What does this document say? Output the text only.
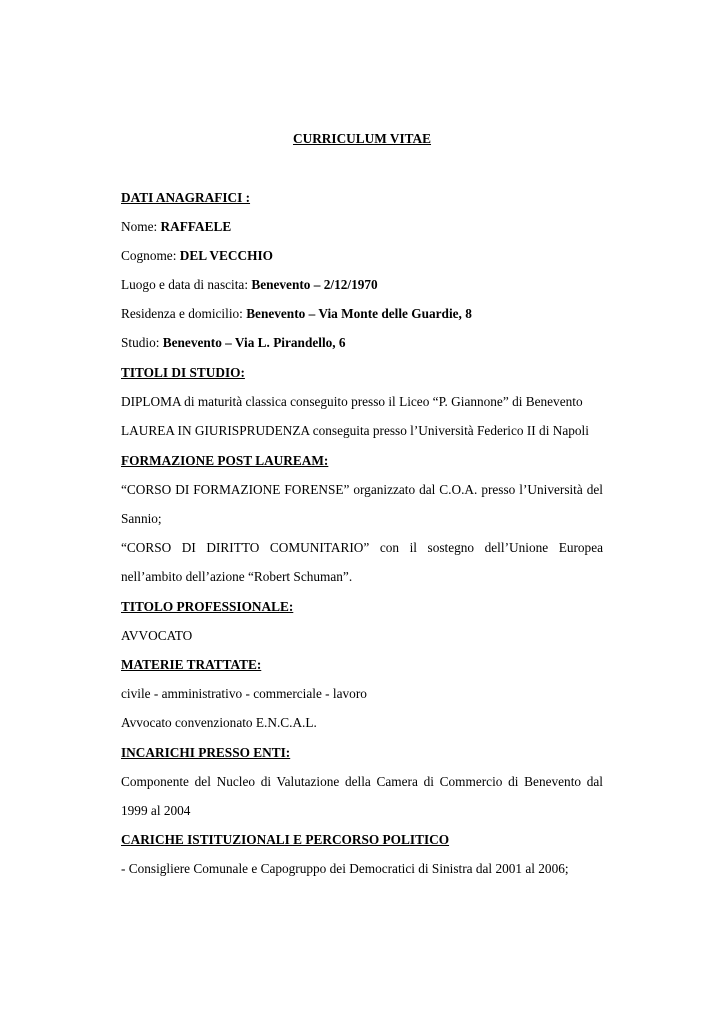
CURRICULUM VITAE
DATI ANAGRAFICI :
Nome: RAFFAELE
Cognome: DEL VECCHIO
Luogo e data di nascita: Benevento – 2/12/1970
Residenza e domicilio: Benevento – Via Monte delle Guardie, 8
Studio: Benevento – Via L. Pirandello, 6
TITOLI DI STUDIO:
DIPLOMA di maturità classica conseguito presso il Liceo “P. Giannone” di Benevento
LAUREA IN GIURISPRUDENZA conseguita presso l’Università Federico II di Napoli
FORMAZIONE POST LAUREAM:
“CORSO DI FORMAZIONE FORENSE” organizzato dal C.O.A. presso l’Università del
Sannio;
“CORSO DI DIRITTO COMUNITARIO” con il sostegno dell’Unione Europea
nell’ambito dell’azione “Robert Schuman”.
TITOLO PROFESSIONALE:
AVVOCATO
MATERIE TRATTATE:
civile - amministrativo - commerciale - lavoro
Avvocato convenzionato E.N.C.A.L.
INCARICHI PRESSO ENTI:
Componente del Nucleo di Valutazione della Camera di Commercio di Benevento dal
1999 al 2004
CARICHE ISTITUZIONALI E PERCORSO POLITICO
- Consigliere Comunale e Capogruppo dei Democratici di Sinistra dal 2001 al 2006;
